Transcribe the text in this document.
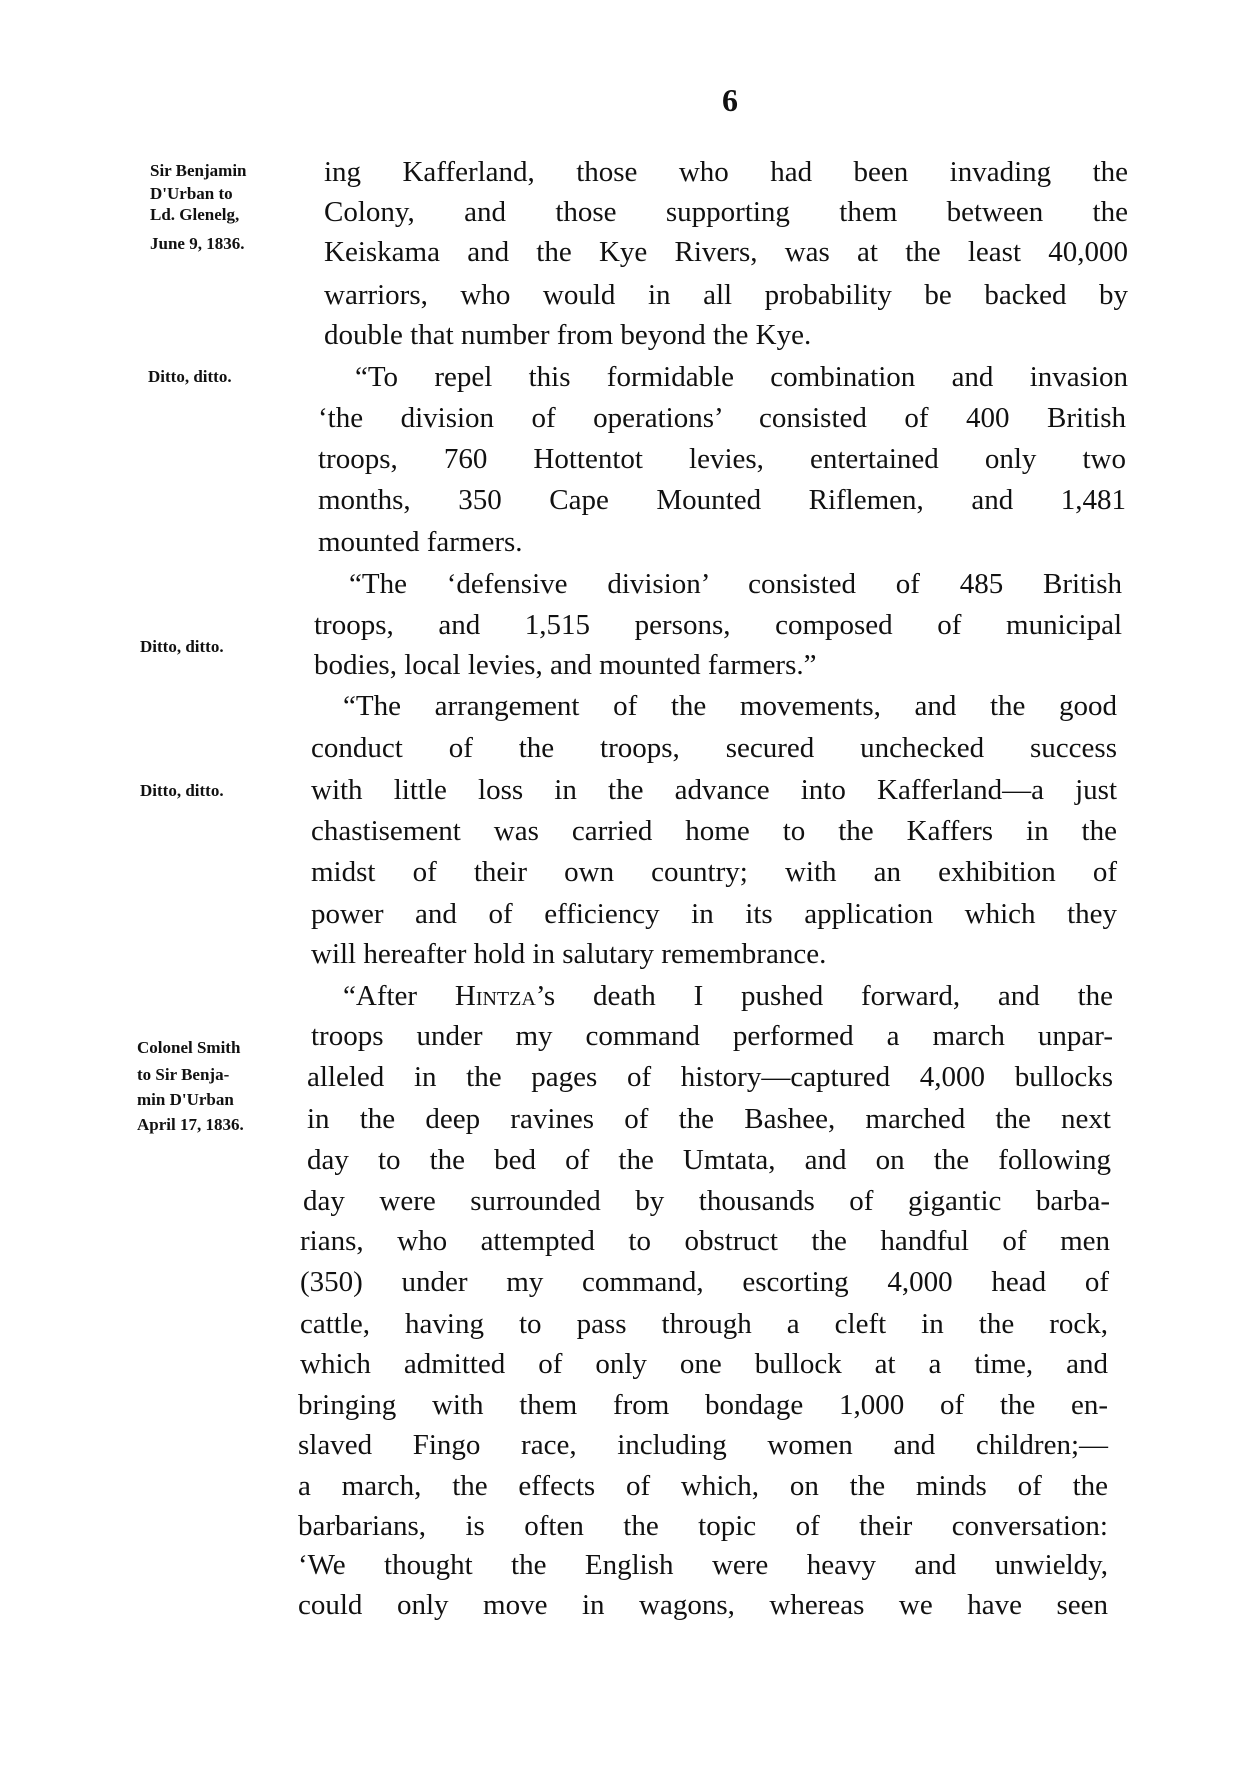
6
Sir Benjamin
D'Urban to
Ld. Glenelg,
June 9, 1836.
Ditto, ditto.
Ditto, ditto.
Ditto, ditto.
Colonel Smith
to Sir Benja-
min D'Urban
April 17, 1836.
ing Kafferland, those who had been invading the
Colony, and those supporting them between the
Keiskama and the Kye Rivers, was at the least 40,000
warriors, who would in all probability be backed by
double that number from beyond the Kye.
“To repel this formidable combination and invasion
‘the division of operations’ consisted of 400 British
troops, 760 Hottentot levies, entertained only two
months, 350 Cape Mounted Riflemen, and 1,481
mounted farmers.
“The ‘defensive division’ consisted of 485 British
troops, and 1,515 persons, composed of municipal
bodies, local levies, and mounted farmers.”
“The arrangement of the movements, and the good
conduct of the troops, secured unchecked success
with little loss in the advance into Kafferland—a just
chastisement was carried home to the Kaffers in the
midst of their own country; with an exhibition of
power and of efficiency in its application which they
will hereafter hold in salutary remembrance.
“After Hintza’s death I pushed forward, and the
troops under my command performed a march unpar-
alleled in the pages of history—captured 4,000 bullocks
in the deep ravines of the Bashee, marched the next
day to the bed of the Umtata, and on the following
day were surrounded by thousands of gigantic barba-
rians, who attempted to obstruct the handful of men
(350) under my command, escorting 4,000 head of
cattle, having to pass through a cleft in the rock,
which admitted of only one bullock at a time, and
bringing with them from bondage 1,000 of the en-
slaved Fingo race, including women and children;—
a march, the effects of which, on the minds of the
barbarians, is often the topic of their conversation:
‘We thought the English were heavy and unwieldy,
could only move in wagons, whereas we have seen
